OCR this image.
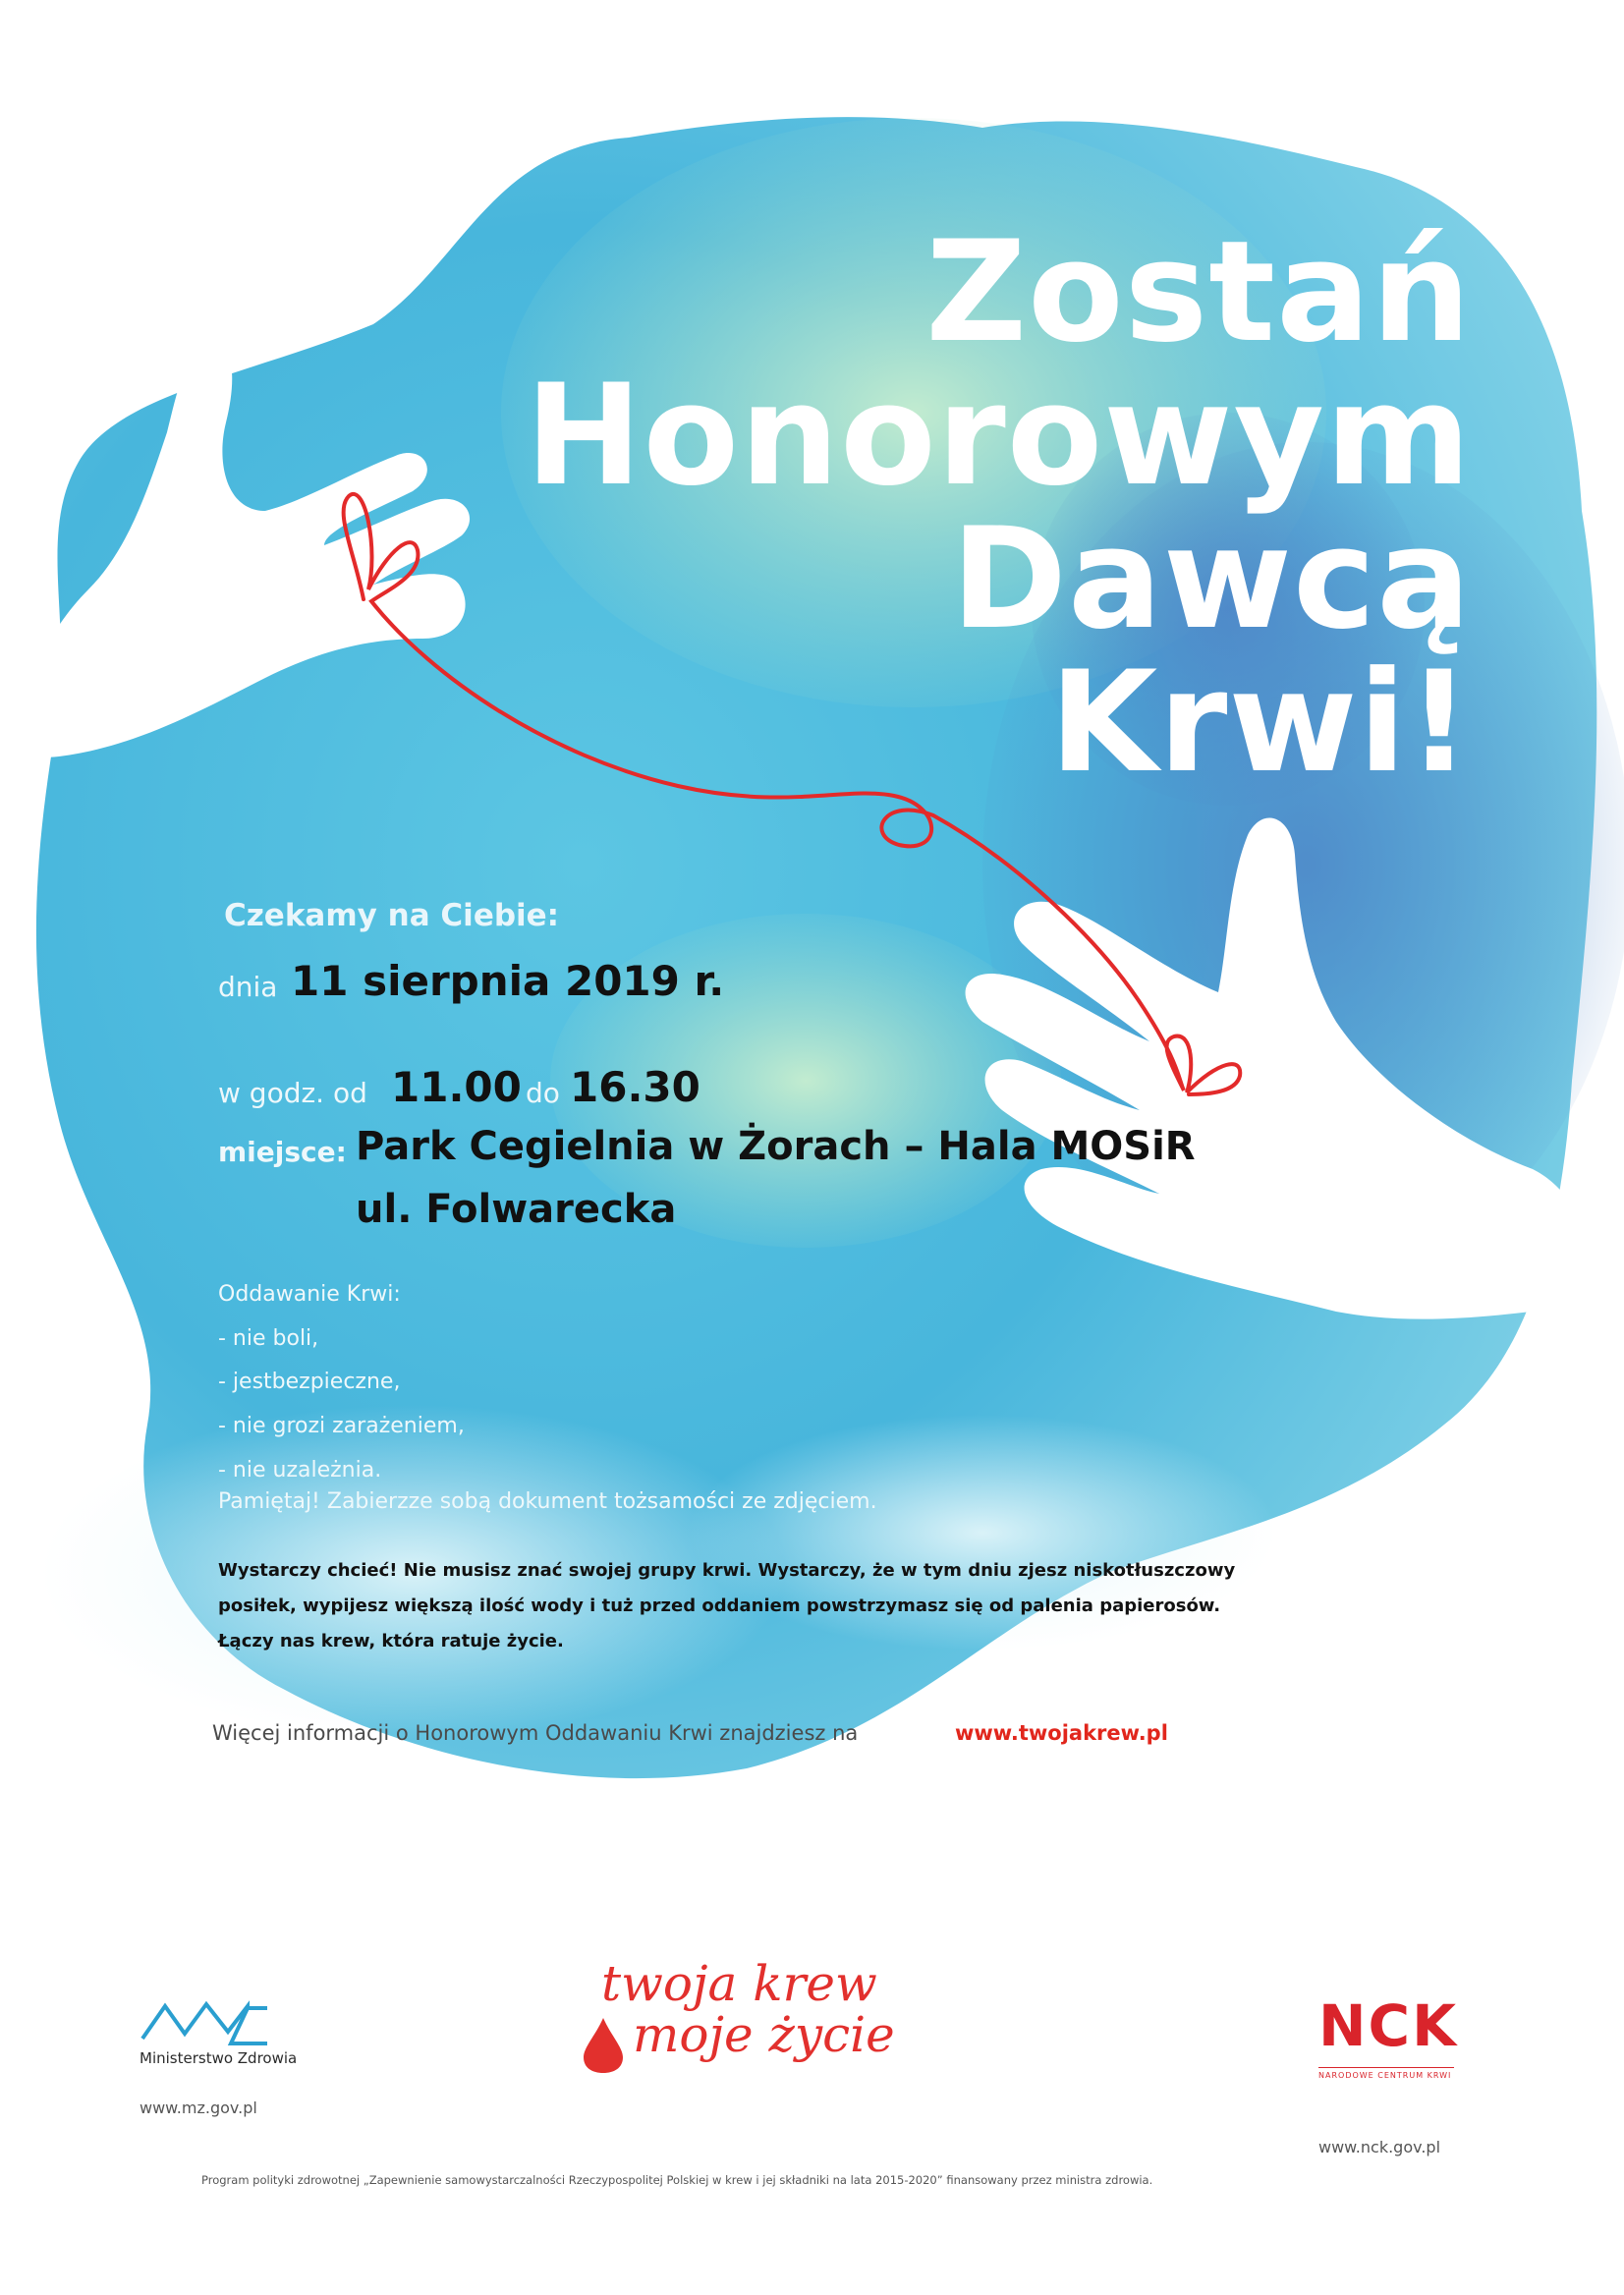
Zostań
Honorowym
Dawcą
Krwi!
Czekamy na Ciebie:
dnia 11 sierpnia 2019 r.
w godz. od 11.00 do 16.30
miejsce: Park Cegielnia w Żorach – Hala MOSiR
ul. Folwarecka
Oddawanie Krwi:
- nie boli,
- jestbezpieczne,
- nie grozi zarażeniem,
- nie uzależnia.
Pamiętaj! Zabierzze sobą dokument tożsamości ze zdjęciem.
Wystarczy chcieć! Nie musisz znać swojej grupy krwi. Wystarczy, że w tym dniu zjesz niskotłuszczowy
posiłek, wypijesz większą ilość wody i tuż przed oddaniem powstrzymasz się od palenia papierosów.
Łączy nas krew, która ratuje życie.
Więcej informacji o Honorowym Oddawaniu Krwi znajdziesz na	www.twojakrew.pl
Ministerstwo Zdrowia
www.mz.gov.pl
twoja krew
moje życie	NCK
NARODOWE CENTRUM KRWI
www.nck.gov.pl
Program polityki zdrowotnej „Zapewnienie samowystarczalności Rzeczypospolitej Polskiej w krew i jej składniki na lata 2015-2020” finansowany przez ministra zdrowia.
